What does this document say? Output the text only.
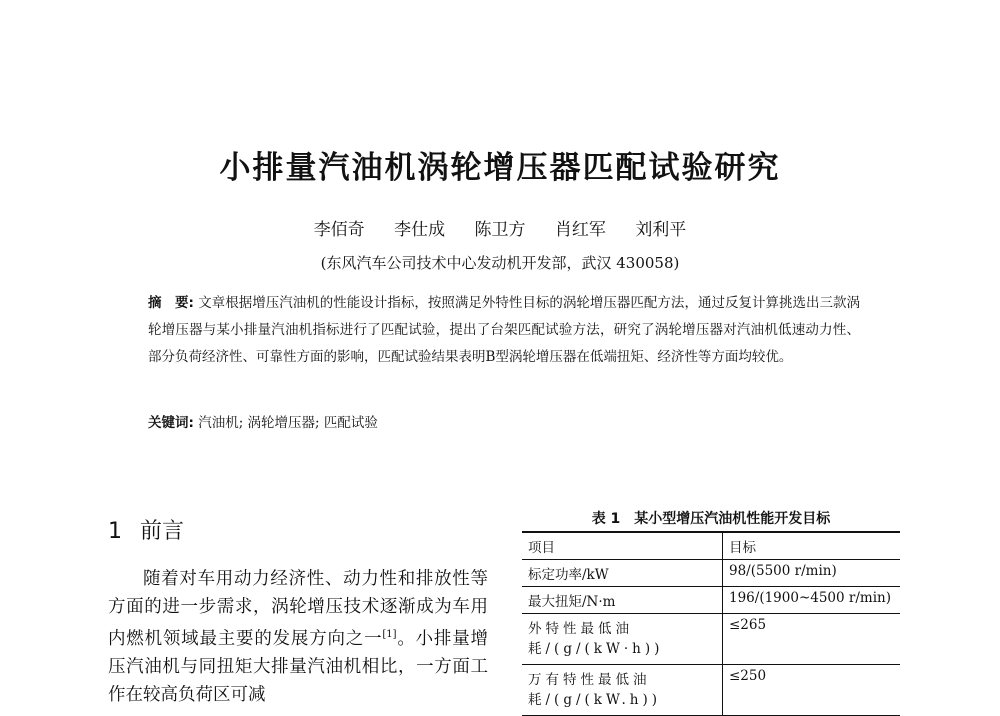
小排量汽油机涡轮增压器匹配试验研究
李佰奇 李仕成 陈卫方 肖红军 刘利平
(东风汽车公司技术中心发动机开发部，武汉 430058)
摘　要: 文章根据增压汽油机的性能设计指标，按照满足外特性目标的涡轮增压器匹配方法，通过反复计算挑选出三款涡轮增压器与某小排量汽油机指标进行了匹配试验，提出了台架匹配试验方法，研究了涡轮增压器对汽油机低速动力性、部分负荷经济性、可靠性方面的影响，匹配试验结果表明B型涡轮增压器在低端扭矩、经济性等方面均较优。
关键词: 汽油机; 涡轮增压器; 匹配试验
1 前言
随着对车用动力经济性、动力性和排放性等方面的进一步需求，涡轮增压技术逐渐成为车用内燃机领域最主要的发展方向之一[1]。小排量增压汽油机与同扭矩大排量汽油机相比，一方面工作在较高负荷区可减
表 1　某小型增压汽油机性能开发目标
项目	目标
标定功率/kW	98/(5500 r/min)
最大扭矩/N·m	196/(1900~4500 r/min)
外特性最低油耗/(g/(kW·h))	≤265
万有特性最低油耗/(g/(kW.h))	≤250
